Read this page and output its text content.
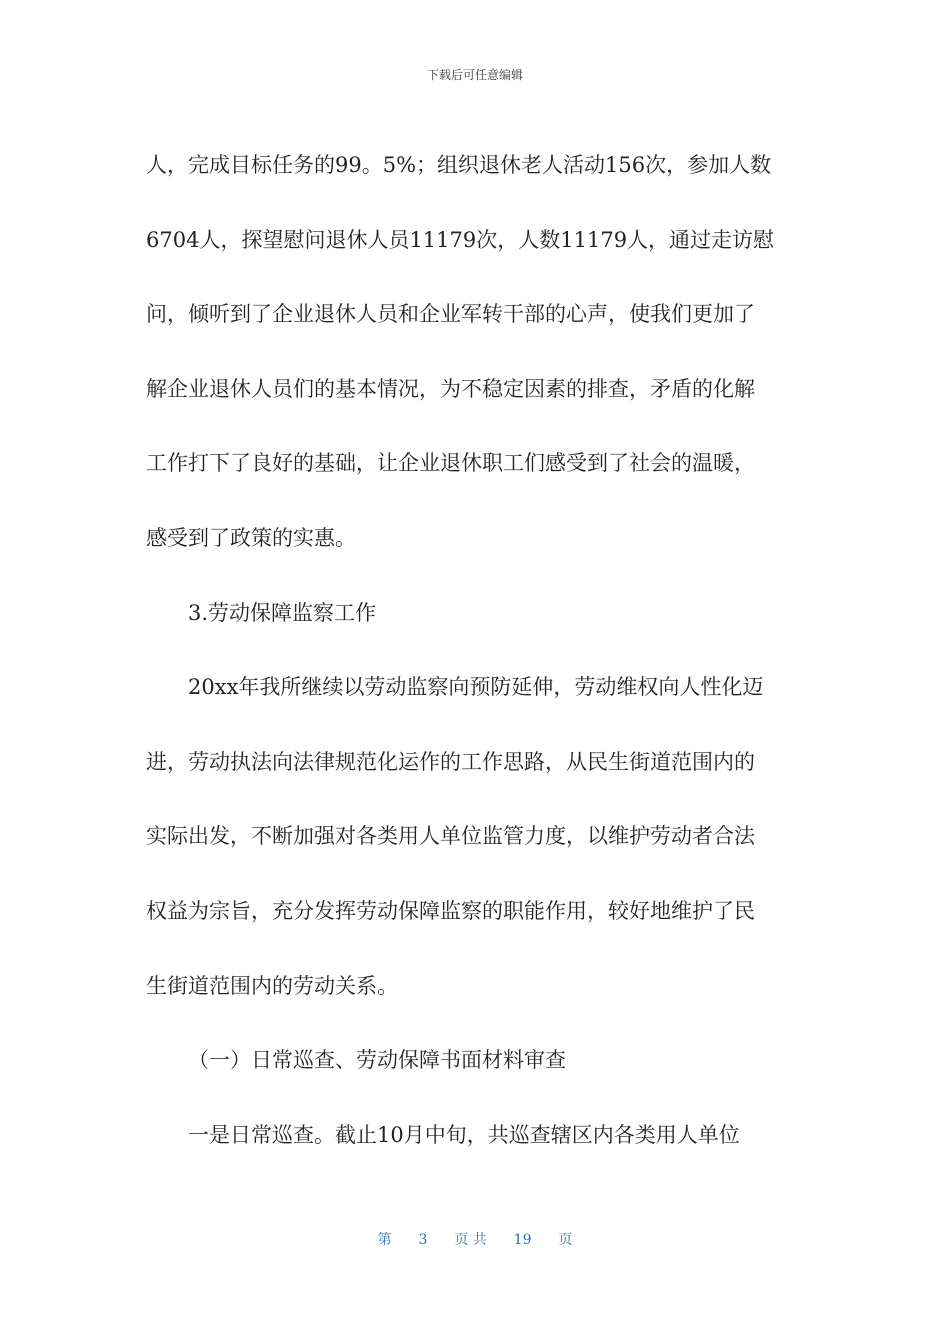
下载后可任意编辑

人，完成目标任务的99。5%；组织退休老人活动156次，参加人数

6704人，探望慰问退休人员11179次，人数11179人，通过走访慰

问，倾听到了企业退休人员和企业军转干部的心声，使我们更加了

解企业退休人员们的基本情况，为不稳定因素的排查，矛盾的化解

工作打下了良好的基础，让企业退休职工们感受到了社会的温暖，

感受到了政策的实惠。

3.劳动保障监察工作

20xx年我所继续以劳动监察向预防延伸，劳动维权向人性化迈

进，劳动执法向法律规范化运作的工作思路，从民生街道范围内的

实际出发，不断加强对各类用人单位监管力度，以维护劳动者合法

权益为宗旨，充分发挥劳动保障监察的职能作用，较好地维护了民

生街道范围内的劳动关系。

（一）日常巡查、劳动保障书面材料审查

一是日常巡查。截止10月中旬，共巡查辖区内各类用人单位

第 3 页 共 19 页
